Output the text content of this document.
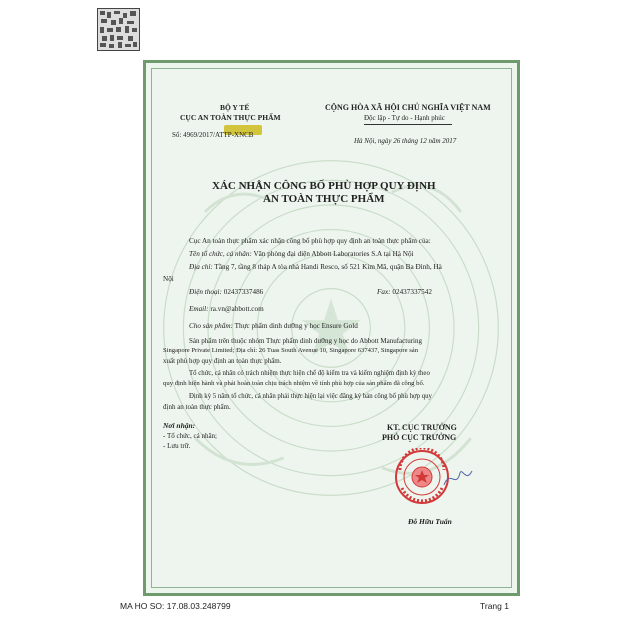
BỘ Y TẾ
CỤC AN TOÀN THỰC PHẨM
Số: 4969/2017/ATTP-XNCB
CỘNG HÒA XÃ HỘI CHỦ NGHĨA VIỆT NAM
Độc lập - Tự do - Hạnh phúc
Hà Nội, ngày 26 tháng 12 năm 2017
XÁC NHẬN CÔNG BỐ PHÙ HỢP QUY ĐỊNH
AN TOÀN THỰC PHẨM
Cục An toàn thực phẩm xác nhận công bố phù hợp quy định an toàn thực phẩm của:
Tên tổ chức, cá nhân: Văn phòng đại diện Abbott Laboratories S.A tại Hà Nội
Địa chỉ: Tầng 7, tầng 8 tháp A tòa nhà Handi Resco, số 521 Kim Mã, quận Ba Đình, Hà
Nội
Điện thoại: 02437337486	Fax: 02437337542
Email: ra.vn@abbott.com
Cho sản phẩm: Thực phẩm dinh dưỡng y học Ensure Gold
Sản phẩm trên thuộc nhóm Thực phẩm dinh dưỡng y học do Abbott Manufacturing
Singapore Private Limited; Địa chỉ: 26 Tuas South Avenue 10, Singapore 637437, Singapore sản
xuất phù hợp quy định an toàn thực phẩm.
Tổ chức, cá nhân có trách nhiệm thực hiện chế độ kiểm tra và kiểm nghiệm định kỳ theo
quy định hiện hành và phải hoàn toàn chịu trách nhiệm về tính phù hợp của sản phẩm đã công bố.
Định kỳ 5 năm tổ chức, cá nhân phải thực hiện lại việc đăng ký bản công bố phù hợp quy
định an toàn thực phẩm.
Nơi nhận:
- Tổ chức, cá nhân;
- Lưu trữ.
KT. CỤC TRƯỞNG
PHÓ CỤC TRƯỞNG
Đỗ Hữu Tuấn
MA HO SO: 17.08.03.248799	Trang 1
